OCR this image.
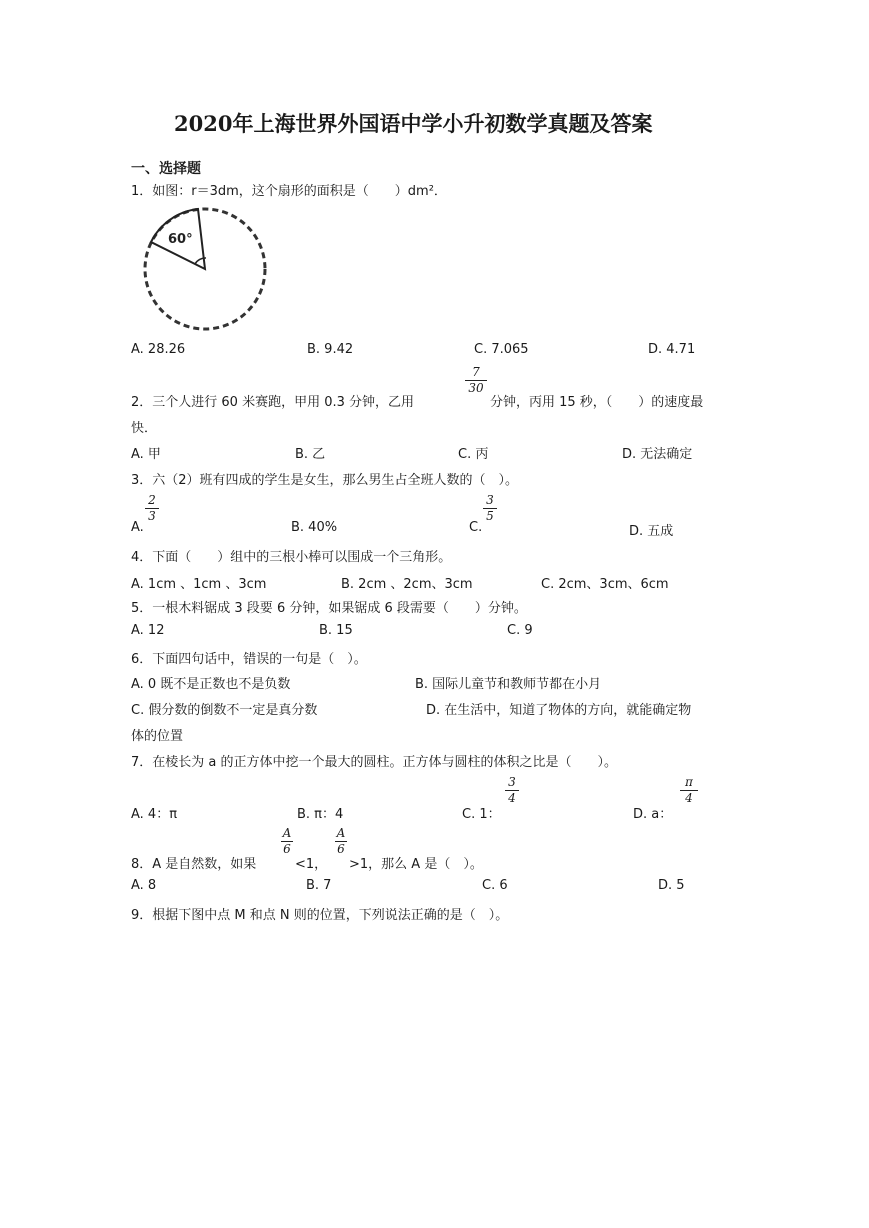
2020年上海世界外国语中学小升初数学真题及答案
一、选择题
1．如图：r＝3dm，这个扇形的面积是（　　）dm²．
60°
A. 28.26	B. 9.42	C. 7.065	D. 4.71
2．三个人进行 60 米赛跑，甲用 0.3 分钟，乙用
7
30
分钟，丙用 15 秒，（　　）的速度最
快．
A. 甲	B. 乙	C. 丙	D. 无法确定
3．六（2）班有四成的学生是女生，那么男生占全班人数的（　）。
A.
2
3
B. 40%	C.
3
5
D. 五成
4．下面（　　）组中的三根小棒可以围成一个三角形。
A. 1cm 、1cm 、3cm	B. 2cm 、2cm、3cm	C. 2cm、3cm、6cm
5．一根木料锯成 3 段要 6 分钟，如果锯成 6 段需要（　　）分钟。
A. 12	B. 15	C. 9
6．下面四句话中，错误的一句是（　）。
A. 0 既不是正数也不是负数	B. 国际儿童节和教师节都在小月
C. 假分数的倒数不一定是真分数	D. 在生活中，知道了物体的方向，就能确定物
体的位置
7．在棱长为 a 的正方体中挖一个最大的圆柱。正方体与圆柱的体积之比是（　　）。
A. 4：π	B. π：4	C. 1：
3
4
D. a：
π
4
8．A 是自然数，如果
A
6
<1，
A
6
>1，那么 A 是（　）。
A. 8	B. 7	C. 6	D. 5
9．根据下图中点 M 和点 N 则的位置，下列说法正确的是（　）。
